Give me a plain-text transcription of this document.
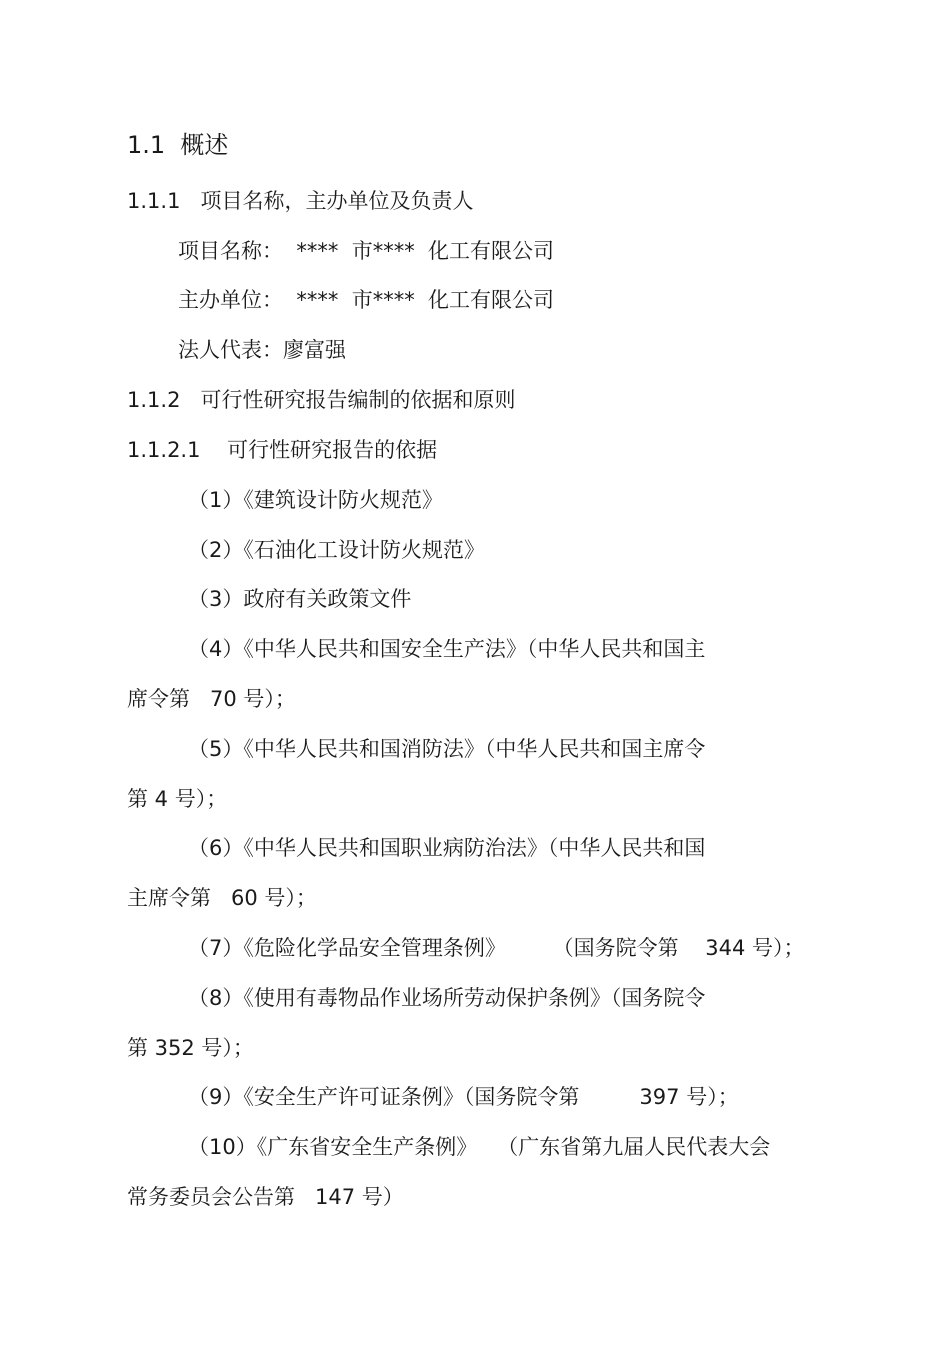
1.1  概述
1.1.1   项目名称，主办单位及负责人
项目名称：  ****  市****  化工有限公司
主办单位：  ****  市****  化工有限公司
法人代表：廖富强
1.1.2   可行性研究报告编制的依据和原则
1.1.2.1    可行性研究报告的依据
（1）《建筑设计防火规范》
（2）《石油化工设计防火规范》
（3）政府有关政策文件
（4）《中华人民共和国安全生产法》（中华人民共和国主
席令第   70 号）；
（5）《中华人民共和国消防法》（中华人民共和国主席令
第 4 号）；
（6）《中华人民共和国职业病防治法》（中华人民共和国
主席令第   60 号）；
（7）《危险化学品安全管理条例》       （国务院令第    344 号）；
（8）《使用有毒物品作业场所劳动保护条例》（国务院令
第 352 号）；
（9）《安全生产许可证条例》（国务院令第         397 号）；
（10）《广东省安全生产条例》   （广东省第九届人民代表大会
常务委员会公告第   147 号）
